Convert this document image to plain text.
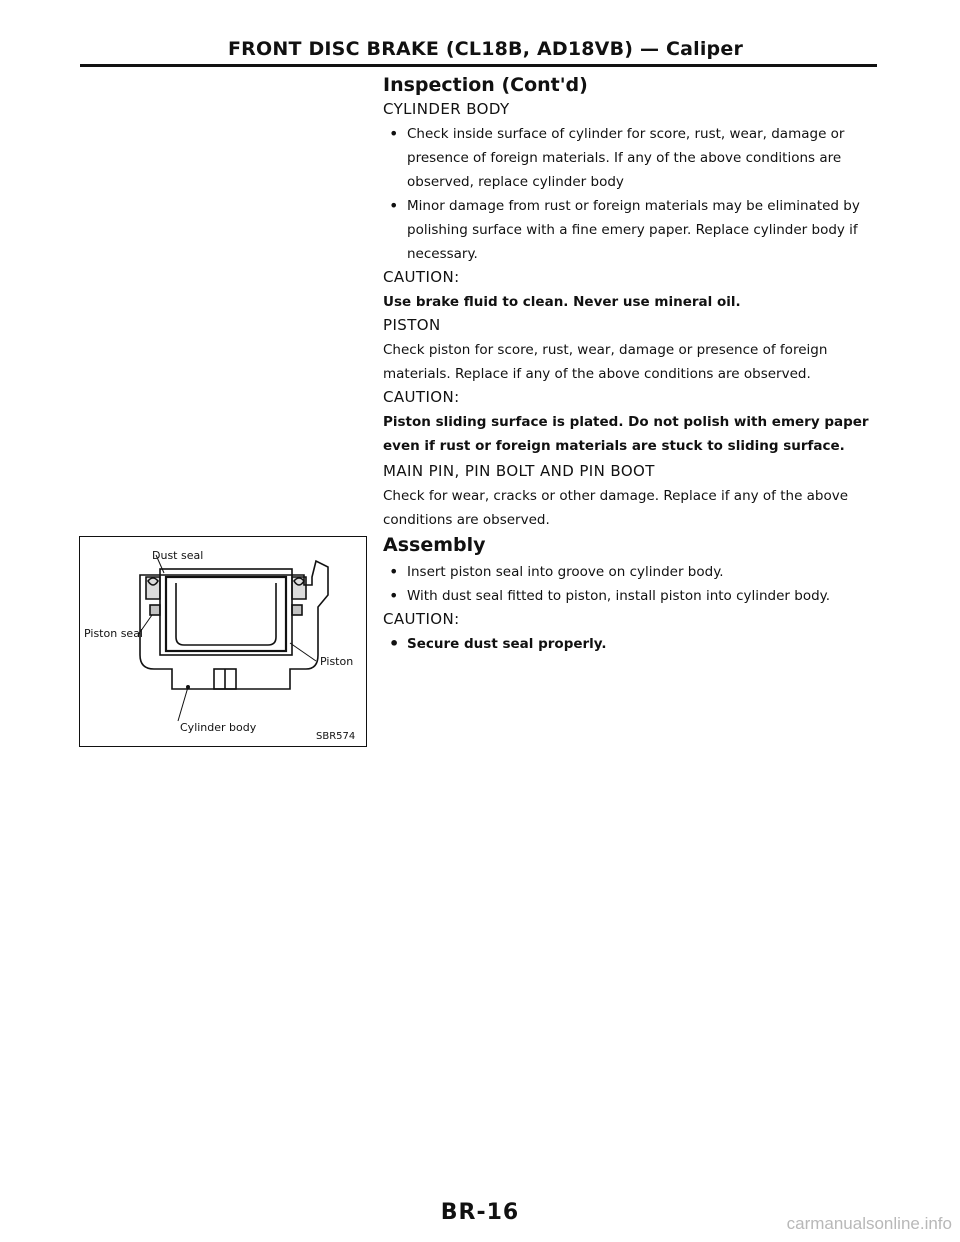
FRONT DISC BRAKE (CL18B, AD18VB) — Caliper
Inspection (Cont'd)
CYLINDER BODY
• Check inside surface of cylinder for score, rust, wear, damage or presence of foreign materials. If any of the above conditions are observed, replace cylinder body
• Minor damage from rust or foreign materials may be eliminated by polishing surface with a fine emery paper. Replace cylinder body if necessary.
CAUTION:

Use brake fluid to clean. Never use mineral oil.

PISTON

Check piston for score, rust, wear, damage or presence of foreign materials. Replace if any of the above conditions are observed.

CAUTION:

Piston sliding surface is plated. Do not polish with emery paper even if rust or foreign materials are stuck to sliding surface.

MAIN PIN, PIN BOLT AND PIN BOOT

Check for wear, cracks or other damage. Replace if any of the above conditions are observed.

Assembly
• Insert piston seal into groove on cylinder body.
• With dust seal fitted to piston, install piston into cylinder body.
CAUTION:
• Secure dust seal properly.
Dust seal
Piston seal
Piston
Cylinder body
SBR574
BR-16	carmanualsonline.info
